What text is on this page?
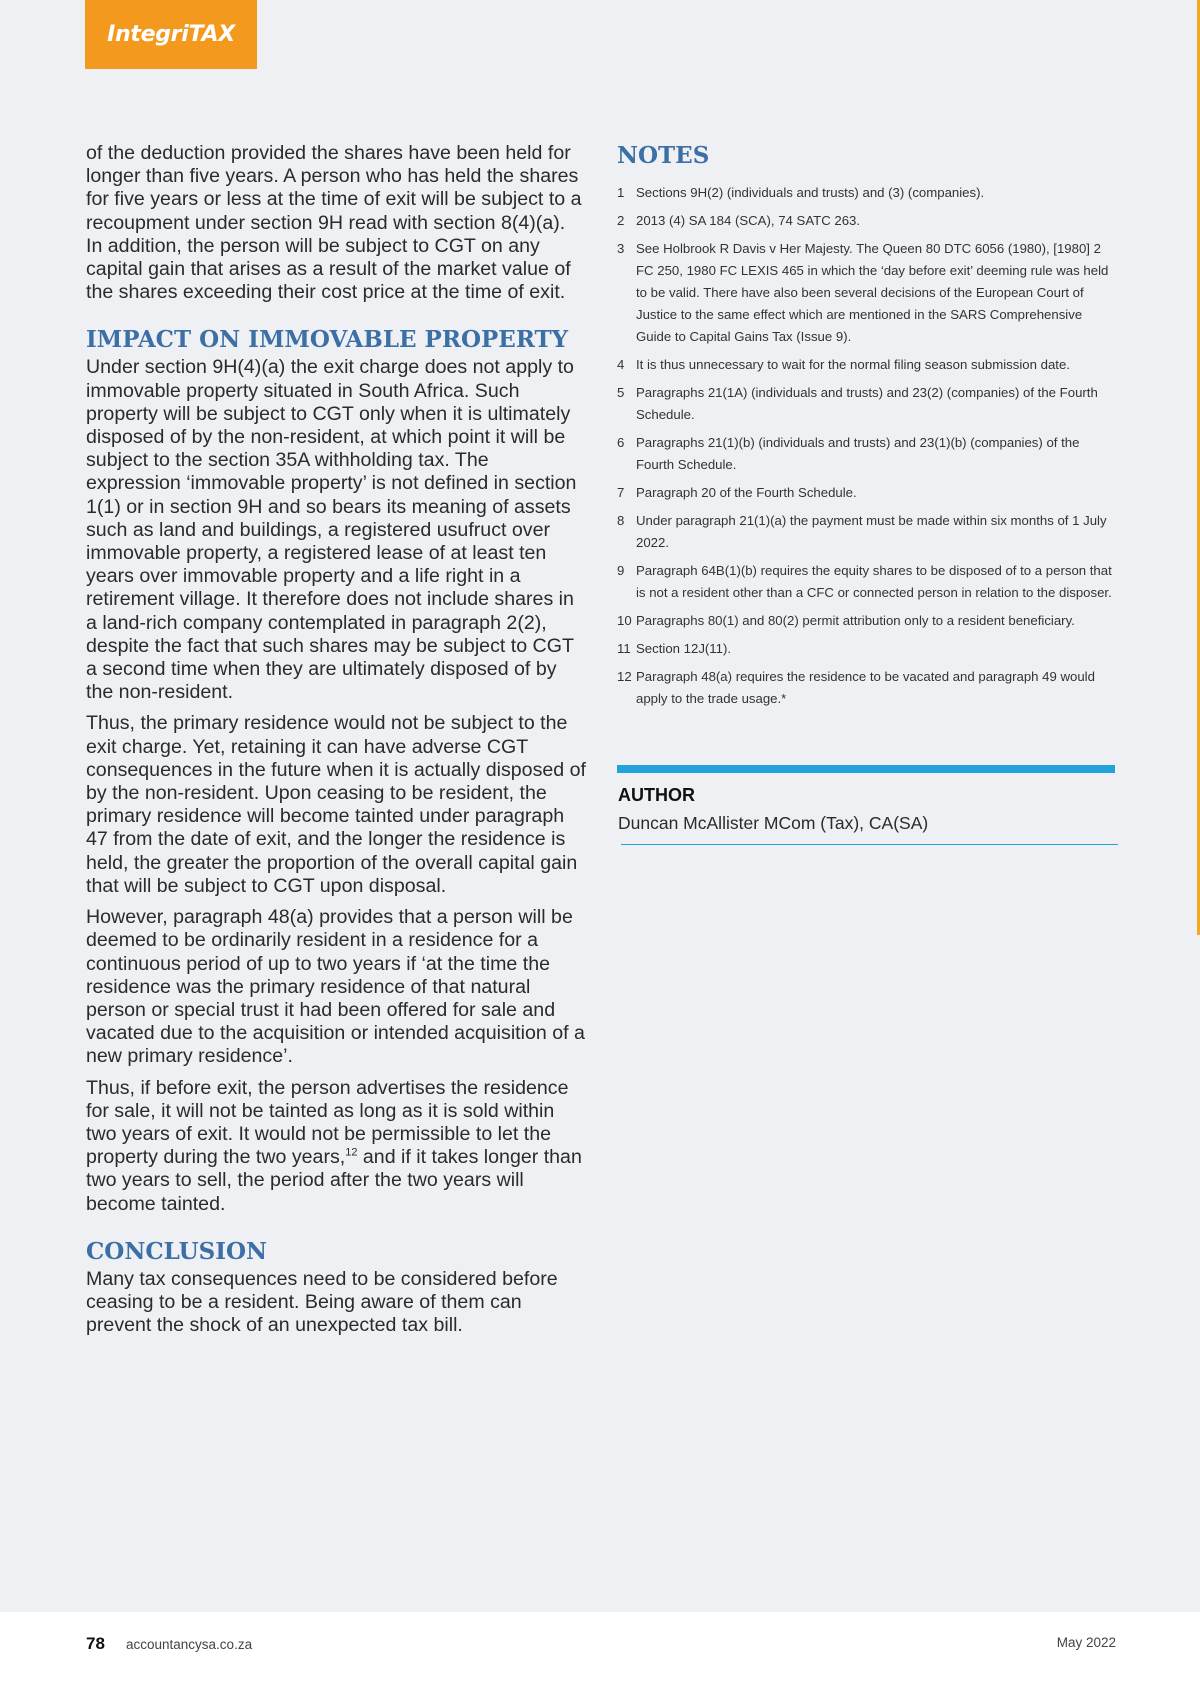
IntegriTAX

of the deduction provided the shares have been held for longer than five years. A person who has held the shares for five years or less at the time of exit will be subject to a recoupment under section 9H read with section 8(4)(a). In addition, the person will be subject to CGT on any capital gain that arises as a result of the market value of the shares exceeding their cost price at the time of exit.

IMPACT ON IMMOVABLE PROPERTY

Under section 9H(4)(a) the exit charge does not apply to immovable property situated in South Africa. Such property will be subject to CGT only when it is ultimately disposed of by the non-resident, at which point it will be subject to the section 35A withholding tax. The expression ‘immovable property’ is not defined in section 1(1) or in section 9H and so bears its meaning of assets such as land and buildings, a registered usufruct over immovable property, a registered lease of at least ten years over immovable property and a life right in a retirement village. It therefore does not include shares in a land-rich company contemplated in paragraph 2(2), despite the fact that such shares may be subject to CGT a second time when they are ultimately disposed of by the non-resident.

Thus, the primary residence would not be subject to the exit charge. Yet, retaining it can have adverse CGT consequences in the future when it is actually disposed of by the non-resident. Upon ceasing to be resident, the primary residence will become tainted under paragraph 47 from the date of exit, and the longer the residence is held, the greater the proportion of the overall capital gain that will be subject to CGT upon disposal.

However, paragraph 48(a) provides that a person will be deemed to be ordinarily resident in a residence for a continuous period of up to two years if ‘at the time the residence was the primary residence of that natural person or special trust it had been offered for sale and vacated due to the acquisition or intended acquisition of a new primary residence’.

Thus, if before exit, the person advertises the residence for sale, it will not be tainted as long as it is sold within two years of exit. It would not be permissible to let the property during the two years,$^{12}$ and if it takes longer than two years to sell, the period after the two years will become tainted.

CONCLUSION

Many tax consequences need to be considered before ceasing to be a resident. Being aware of them can prevent the shock of an unexpected tax bill.

NOTES
1 Sections 9H(2) (individuals and trusts) and (3) (companies).
2 2013 (4) SA 184 (SCA), 74 SATC 263.
3 See Holbrook R Davis v Her Majesty. The Queen 80 DTC 6056 (1980), [1980] 2 FC 250, 1980 FC LEXIS 465 in which the ‘day before exit’ deeming rule was held to be valid. There have also been several decisions of the European Court of Justice to the same effect which are mentioned in the SARS Comprehensive Guide to Capital Gains Tax (Issue 9).
4 It is thus unnecessary to wait for the normal filing season submission date.
5 Paragraphs 21(1A) (individuals and trusts) and 23(2) (companies) of the Fourth Schedule.
6 Paragraphs 21(1)(b) (individuals and trusts) and 23(1)(b) (companies) of the Fourth Schedule.
7 Paragraph 20 of the Fourth Schedule.
8 Under paragraph 21(1)(a) the payment must be made within six months of 1 July 2022.
9 Paragraph 64B(1)(b) requires the equity shares to be disposed of to a person that is not a resident other than a CFC or connected person in relation to the disposer.
10 Paragraphs 80(1) and 80(2) permit attribution only to a resident beneficiary.
11 Section 12J(11).
12 Paragraph 48(a) requires the residence to be vacated and paragraph 49 would apply to the trade usage.*
AUTHOR
Duncan McAllister MCom (Tax), CA(SA)
78 accountancysa.co.za	May 2022
